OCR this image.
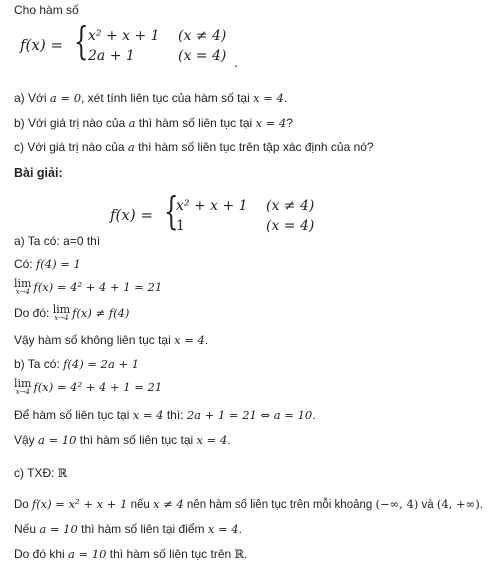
Cho hàm số
f(x) = { x² + x + 1 (x ≠ 4)
2a + 1	(x = 4) .
a) Với a = 0, xét tính liên tục của hàm số tại x = 4.
b) Với giá trị nào của a thì hàm số liên tục tại x = 4?
c) Với giá trị nào của a thì hàm số liên tục trên tập xác định của nó?
Bài giải:
f(x) = {
x² + x + 1 (x ≠ 4)
1	(x = 4)
a) Ta có: a=0 thì
Có: f(4) = 1
lim
x→4 f(x) = 4² + 4 + 1 = 21
Do đó: lim
x→4 f(x) ≠ f(4)
Vậy hàm số không liên tục tại x = 4.
b) Ta có: f(4) = 2a + 1
lim
x→4 f(x) = 4² + 4 + 1 = 21
Để hàm số liên tục tại x = 4 thì: 2a + 1 = 21 ⇔ a = 10.
Vậy a = 10 thì hàm số liên tục tại x = 4.
c) TXĐ: ℝ
Do f(x) = x² + x + 1 nếu x ≠ 4 nên hàm số liên tục trên mỗi khoảng (−∞, 4) và (4, +∞).
Nếu a = 10 thì hàm số liên tại điểm x = 4.
Do đó khi a = 10 thì hàm số liên tục trên ℝ.
